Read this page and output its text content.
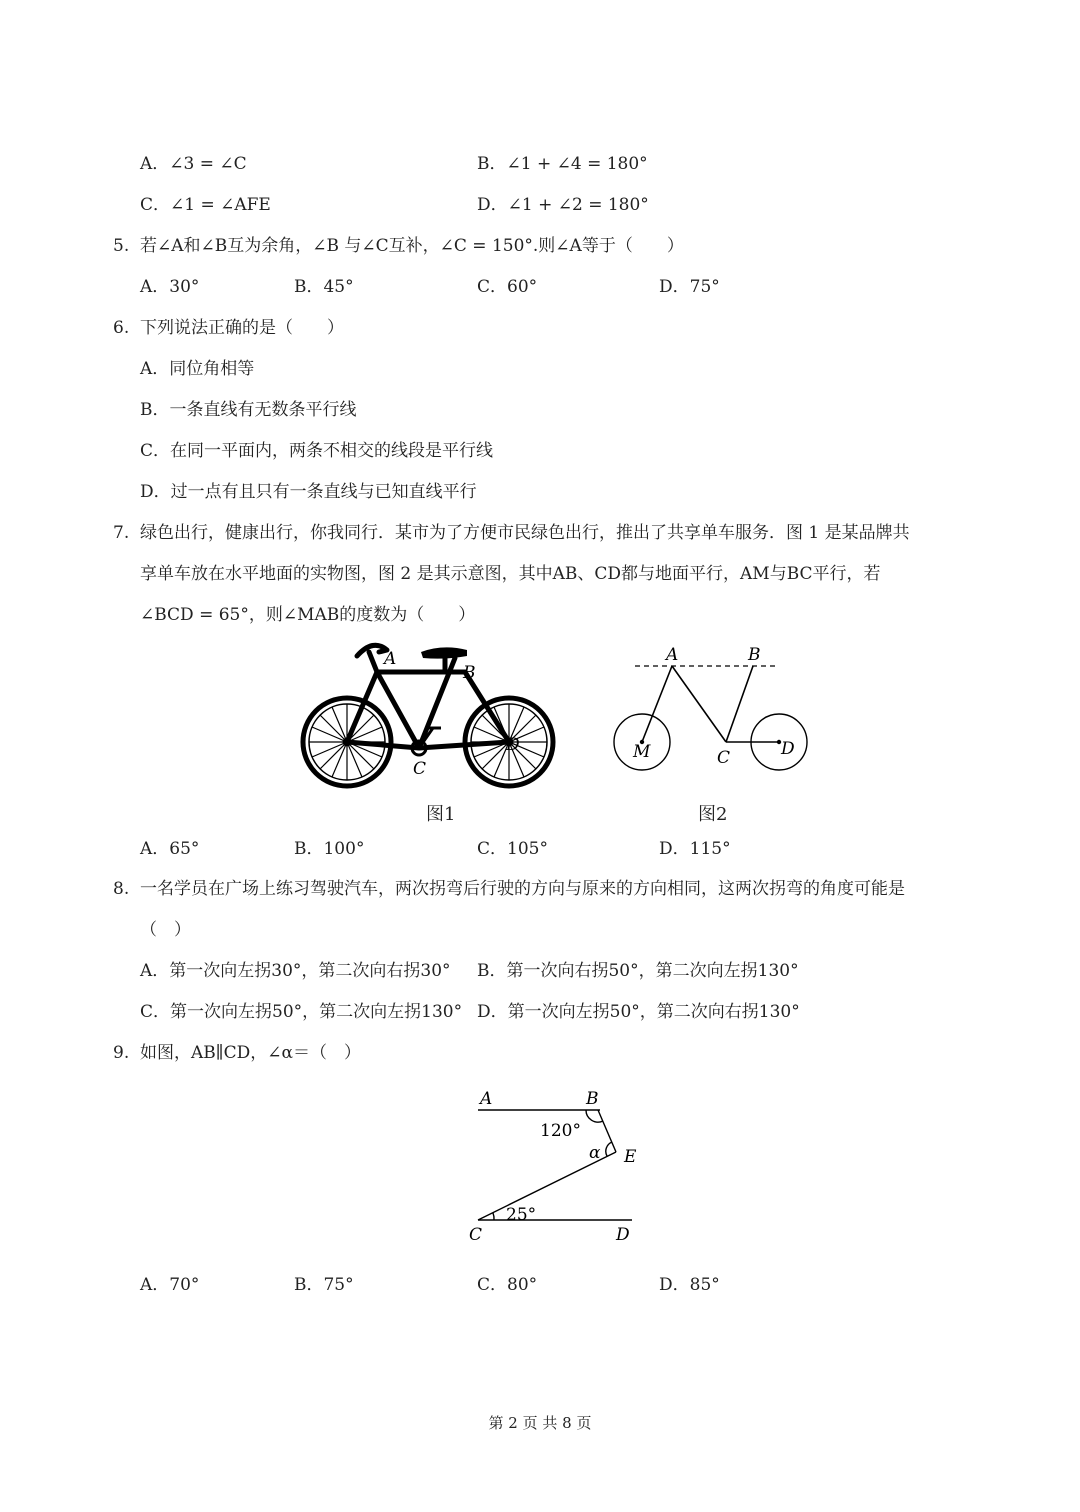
A．∠3 = ∠C	B．∠1 + ∠4 = 180°
C．∠1 = ∠AFE	D．∠1 + ∠2 = 180°
5. 若∠A和∠B互为余角，∠B 与∠C互补，∠C = 150°.则∠A等于（　　）
A．30°	B．45°	C．60°	D．75°
6. 下列说法正确的是（　　）
A．同位角相等
B．一条直线有无数条平行线
C．在同一平面内，两条不相交的线段是平行线
D．过一点有且只有一条直线与已知直线平行
7. 绿色出行，健康出行，你我同行．某市为了方便市民绿色出行，推出了共享单车服务．图 1 是某品牌共
享单车放在水平地面的实物图，图 2 是其示意图，其中AB、CD都与地面平行，AM与BC平行，若
∠BCD = 65°，则∠MAB的度数为（　　）
A
B
C
D
图1
A	B
M	C	D
图2
A．65°	B．100°	C．105°	D．115°
8. 一名学员在广场上练习驾驶汽车，两次拐弯后行驶的方向与原来的方向相同，这两次拐弯的角度可能是
（　）
A．第一次向左拐30°，第二次向右拐30° B．第一次向右拐50°，第二次向左拐130°
C．第一次向左拐50°，第二次向左拐130° D．第一次向左拐50°，第二次向右拐130°
9. 如图，AB∥CD，∠α＝（　）
A	B
120°
α E
25°
C	D
A．70°	B．75°	C．80°	D．85°
第 2 页 共 8 页
